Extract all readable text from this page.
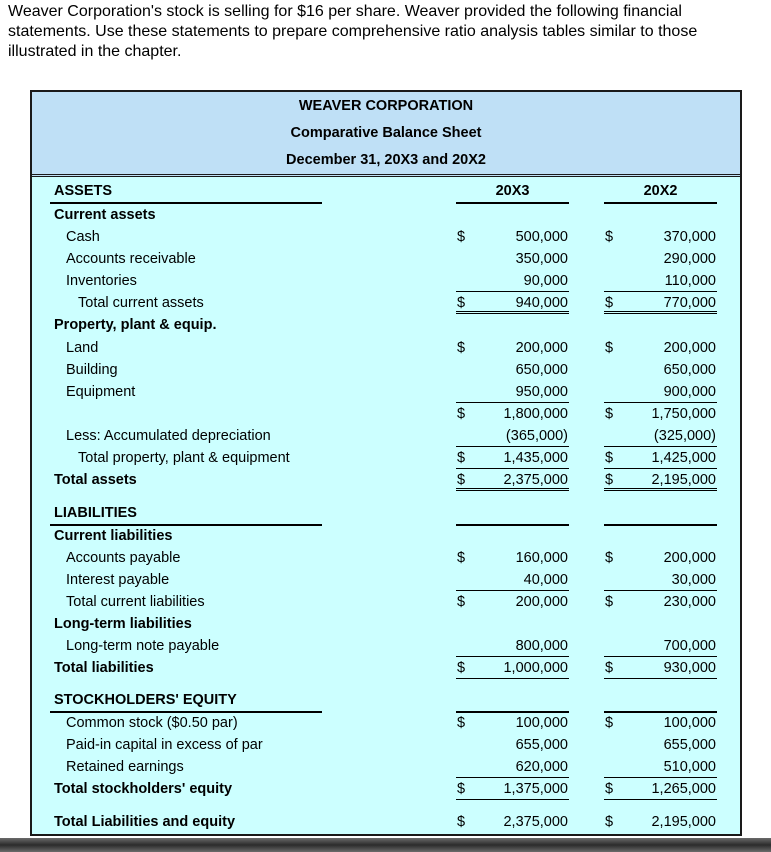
Weaver Corporation's stock is selling for $16 per share. Weaver provided the following financial statements. Use these statements to prepare comprehensive ratio analysis tables similar to those illustrated in the chapter.
WEAVER CORPORATION
Comparative Balance Sheet
December 31, 20X3 and 20X2
ASSETS	20X3	20X2
Current assets
Cash	$	500,000	$	370,000
Accounts receivable	350,000	290,000
Inventories	90,000	110,000
Total current assets	$	940,000	$	770,000
Property, plant & equip.
Land	$	200,000	$	200,000
Building	650,000	650,000
Equipment	950,000	900,000
$	1,800,000	$	1,750,000
Less: Accumulated depreciation	(365,000)	(325,000)
Total property, plant & equipment	$	1,435,000	$	1,425,000
Total assets	$	2,375,000	$	2,195,000
LIABILITIES
Current liabilities
Accounts payable	$	160,000	$	200,000
Interest payable	40,000	30,000
Total current liabilities	$	200,000	$	230,000
Long-term liabilities
Long-term note payable	800,000	700,000
Total liabilities	$	1,000,000	$	930,000
STOCKHOLDERS' EQUITY
Common stock ($0.50 par)	$	100,000	$	100,000
Paid-in capital in excess of par	655,000	655,000
Retained earnings	620,000	510,000
Total stockholders' equity	$	1,375,000	$	1,265,000
Total Liabilities and equity	$	2,375,000	$	2,195,000
